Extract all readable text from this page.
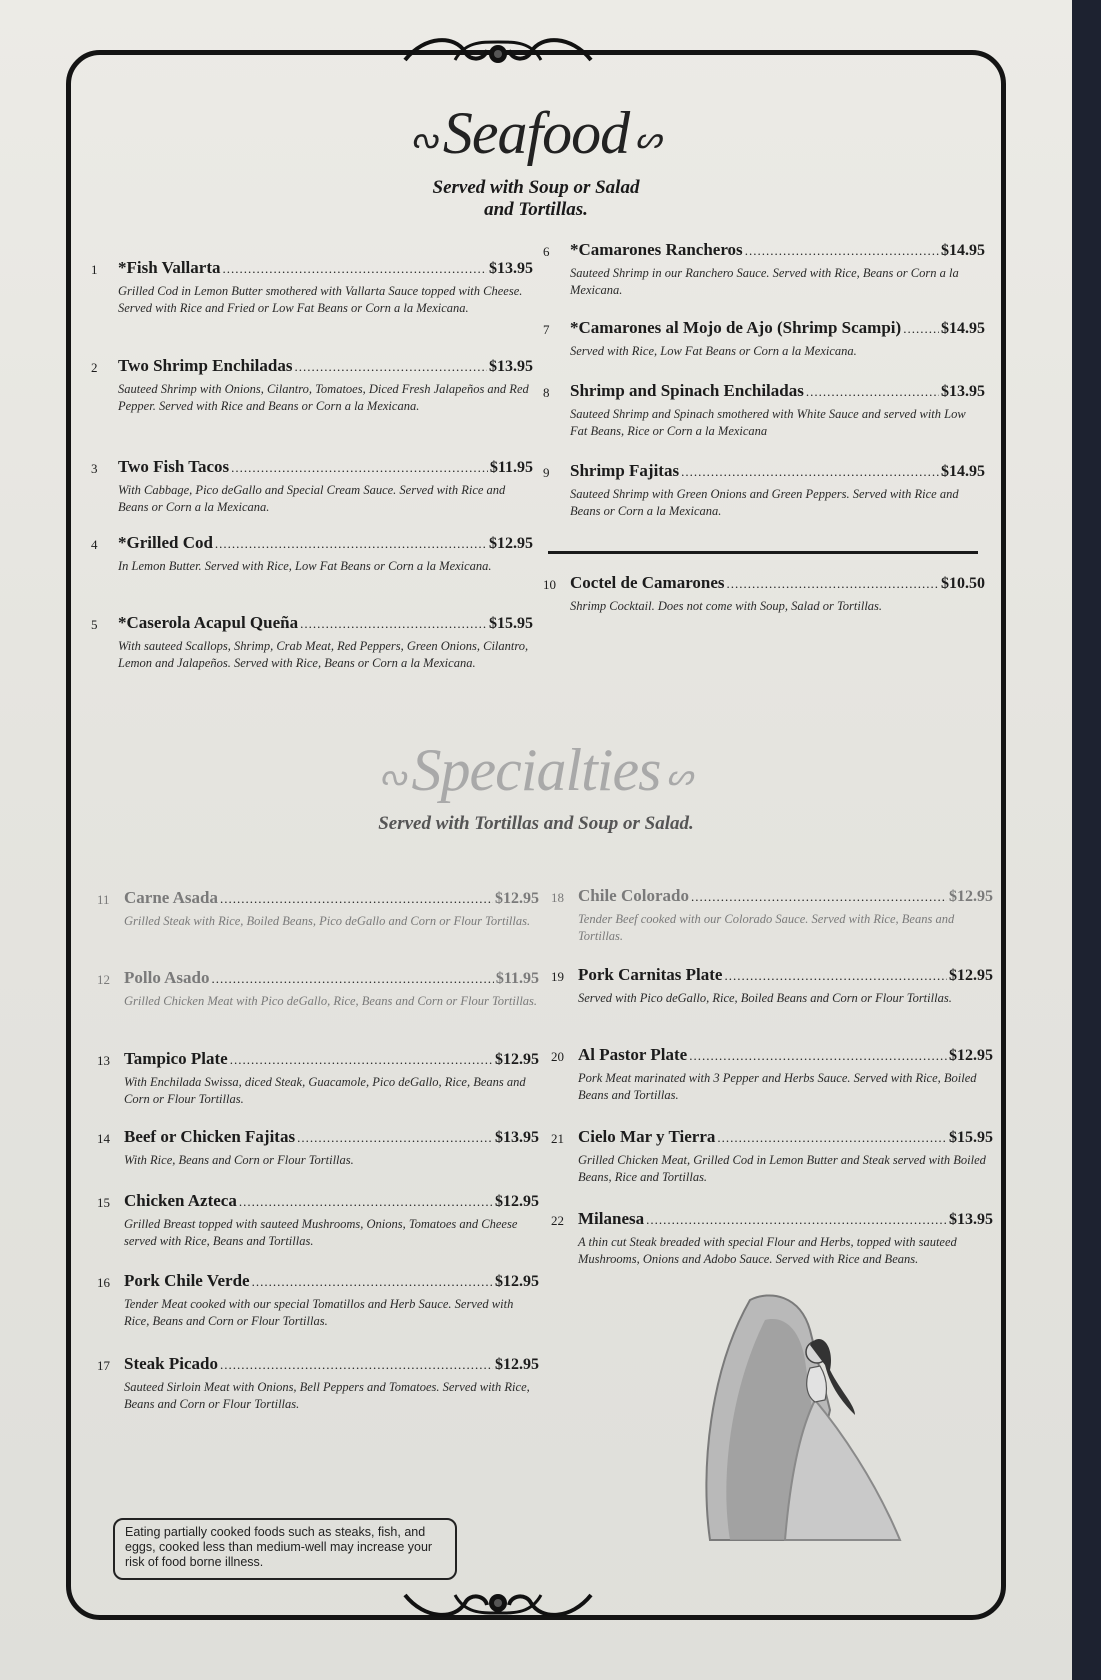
ᔓ Seafood ᔕ
Served with Soup or Salad
and Tortillas.
ᔓ Specialties ᔕ
Served with Tortillas and Soup or Salad.
1	*Fish Vallarta .....	$13.95
Grilled Cod in Lemon Butter smothered with Vallarta Sauce topped with Cheese. Served with Rice and Fried or Low Fat Beans or Corn a la Mexicana.
2	Two Shrimp Enchiladas .....	$13.95
Sauteed Shrimp with Onions, Cilantro, Tomatoes, Diced Fresh Jalapeños and Red Pepper. Served with Rice and Beans or Corn a la Mexicana.
3	Two Fish Tacos .....	$11.95
With Cabbage, Pico deGallo and Special Cream Sauce. Served with Rice and Beans or Corn a la Mexicana.
4	*Grilled Cod .....	$12.95
In Lemon Butter. Served with Rice, Low Fat Beans or Corn a la Mexicana.
5	*Caserola Acapul Queña .....	$15.95
With sauteed Scallops, Shrimp, Crab Meat, Red Peppers, Green Onions, Cilantro, Lemon and Jalapeños. Served with Rice, Beans or Corn a la Mexicana.
6	*Camarones Rancheros .....	$14.95
Sauteed Shrimp in our Ranchero Sauce. Served with Rice, Beans or Corn a la Mexicana.
7	*Camarones al Mojo de Ajo (Shrimp Scampi) ..... $14.95
Served with Rice, Low Fat Beans or Corn a la Mexicana.
8	Shrimp and Spinach Enchiladas .....	$13.95
Sauteed Shrimp and Spinach smothered with White Sauce and served with Low Fat Beans, Rice or Corn a la Mexicana
9	Shrimp Fajitas .....	$14.95
Sauteed Shrimp with Green Onions and Green Peppers. Served with Rice and Beans or Corn a la Mexicana.
10 Coctel de Camarones .....	$10.50
Shrimp Cocktail. Does not come with Soup, Salad or Tortillas.
11 Carne Asada .....	$12.95
Grilled Steak with Rice, Boiled Beans, Pico deGallo and Corn or Flour Tortillas.
12 Pollo Asado .....	$11.95
Grilled Chicken Meat with Pico deGallo, Rice, Beans and Corn or Flour Tortillas.
13 Tampico Plate .....	$12.95
With Enchilada Swissa, diced Steak, Guacamole, Pico deGallo, Rice, Beans and Corn or Flour Tortillas.
14 Beef or Chicken Fajitas .....	$13.95
With Rice, Beans and Corn or Flour Tortillas.
15 Chicken Azteca .....	$12.95
Grilled Breast topped with sauteed Mushrooms, Onions, Tomatoes and Cheese served with Rice, Beans and Tortillas.
16 Pork Chile Verde .....	$12.95
Tender Meat cooked with our special Tomatillos and Herb Sauce. Served with Rice, Beans and Corn or Flour Tortillas.
17 Steak Picado .....	$12.95
Sauteed Sirloin Meat with Onions, Bell Peppers and Tomatoes. Served with Rice, Beans and Corn or Flour Tortillas.
18 Chile Colorado .....	$12.95
Tender Beef cooked with our Colorado Sauce. Served with Rice, Beans and Tortillas.
19 Pork Carnitas Plate .....	$12.95
Served with Pico deGallo, Rice, Boiled Beans and Corn or Flour Tortillas.
20 Al Pastor Plate .....	$12.95
Pork Meat marinated with 3 Pepper and Herbs Sauce. Served with Rice, Boiled Beans and Tortillas.
21 Cielo Mar y Tierra .....	$15.95
Grilled Chicken Meat, Grilled Cod in Lemon Butter and Steak served with Boiled Beans, Rice and Tortillas.
22 Milanesa .....	$13.95
A thin cut Steak breaded with special Flour and Herbs, topped with sauteed Mushrooms, Onions and Adobo Sauce. Served with Rice and Beans.
Eating partially cooked foods such as steaks, fish, and eggs, cooked less than medium-well may increase your risk of food borne illness.
